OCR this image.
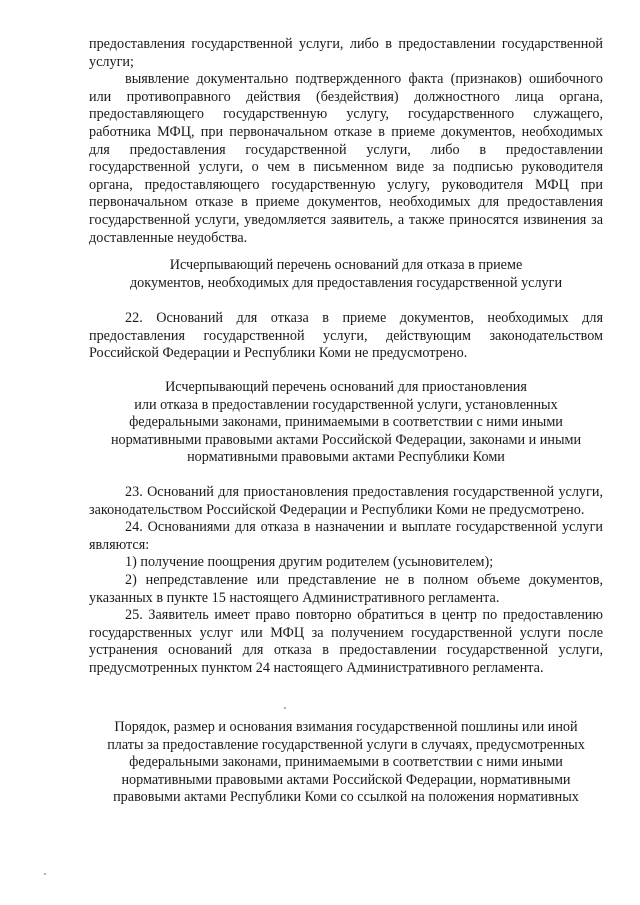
предоставления государственной услуги, либо в предоставлении государственной услуги;

выявление документально подтвержденного факта (признаков) ошибочного или противоправного действия (бездействия) должностного лица органа, предоставляющего государственную услугу, государственного служащего, работника МФЦ, при первоначальном отказе в приеме документов, необходимых для предоставления государственной услуги, либо в предоставлении государственной услуги, о чем в письменном виде за подписью руководителя органа, предоставляющего государственную услугу, руководителя МФЦ при первоначальном отказе в приеме документов, необходимых для предоставления государственной услуги, уведомляется заявитель, а также приносятся извинения за доставленные неудобства.

Исчерпывающий перечень оснований для отказа в приеме
документов, необходимых для предоставления государственной услуги
22. Оснований для отказа в приеме документов, необходимых для предоставления государственной услуги, действующим законодательством Российской Федерации и Республики Коми не предусмотрено.
Исчерпывающий перечень оснований для приостановления
или отказа в предоставлении государственной услуги, установленных
федеральными законами, принимаемыми в соответствии с ними иными
нормативными правовыми актами Российской Федерации, законами и иными
нормативными правовыми актами Республики Коми

23. Оснований для приостановления предоставления государственной услуги, законодательством Российской Федерации и Республики Коми не предусмотрено.

24. Основаниями для отказа в назначении и выплате государственной услуги являются:

1) получение поощрения другим родителем (усыновителем);

2) непредставление или представление не в полном объеме документов, указанных в пункте 15 настоящего Административного регламента.

25. Заявитель имеет право повторно обратиться в центр по предоставлению государственных услуг или МФЦ за получением государственной услуги после устранения оснований для отказа в предоставлении государственной услуги, предусмотренных пунктом 24 настоящего Административного регламента.

Порядок, размер и основания взимания государственной пошлины или иной
платы за предоставление государственной услуги в случаях, предусмотренных
федеральными законами, принимаемыми в соответствии с ними иными
нормативными правовыми актами Российской Федерации, нормативными
правовыми актами Республики Коми со ссылкой на положения нормативных
